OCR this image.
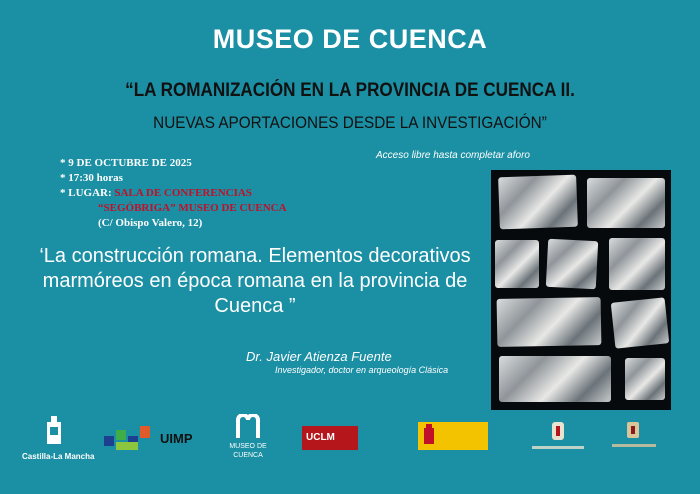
MUSEO DE CUENCA
“LA ROMANIZACIÓN EN LA PROVINCIA DE CUENCA II.
NUEVAS APORTACIONES DESDE LA INVESTIGACIÓN”
Acceso libre hasta completar aforo
* 9 DE OCTUBRE DE 2025
* 17:30 horas
* LUGAR: SALA DE CONFERENCIAS
“SEGÓBRIGA” MUSEO DE CUENCA
(C/ Obispo Valero, 12)
‘La construcción romana. Elementos decorativos marmóreos en época romana en la provincia de Cuenca ”
Dr. Javier Atienza Fuente
Investigador, doctor en arqueología Clásica
Castilla-La Mancha
UIMP
MUSEO DE CUENCA
UCLM
